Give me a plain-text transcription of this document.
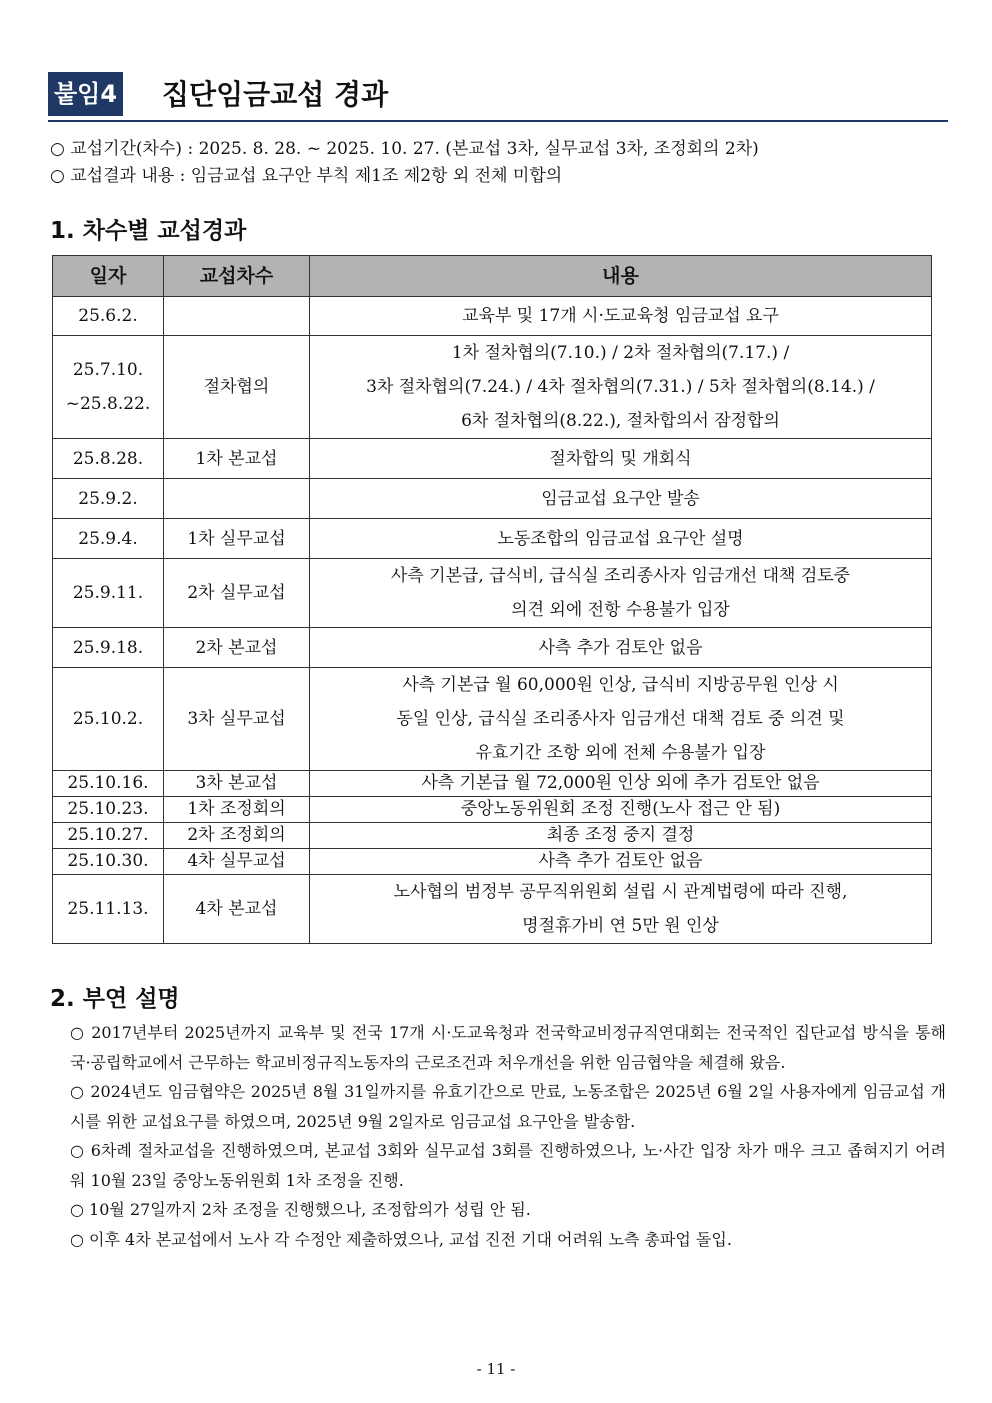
붙임4 집단임금교섭 경과
○ 교섭기간(차수) : 2025. 8. 28. ~ 2025. 10. 27. (본교섭 3차, 실무교섭 3차, 조정회의 2차)
○ 교섭결과 내용 : 임금교섭 요구안 부칙 제1조 제2항 외 전체 미합의
1. 차수별 교섭경과
일자	교섭차수	내용
25.6.2.		교육부 및 17개 시·도교육청 임금교섭 요구
25.7.10.
~25.8.22.	절차협의	1차 절차협의(7.10.) / 2차 절차협의(7.17.) /
3차 절차협의(7.24.) / 4차 절차협의(7.31.) / 5차 절차협의(8.14.) /
6차 절차협의(8.22.), 절차합의서 잠정합의
25.8.28.	1차 본교섭	절차합의 및 개회식
25.9.2.		임금교섭 요구안 발송
25.9.4.	1차 실무교섭	노동조합의 임금교섭 요구안 설명
25.9.11.	2차 실무교섭	사측 기본급, 급식비, 급식실 조리종사자 임금개선 대책 검토중
의견 외에 전항 수용불가 입장
25.9.18.	2차 본교섭	사측 추가 검토안 없음
25.10.2.	3차 실무교섭	사측 기본급 월 60,000원 인상, 급식비 지방공무원 인상 시
동일 인상, 급식실 조리종사자 임금개선 대책 검토 중 의견 및
유효기간 조항 외에 전체 수용불가 입장
25.10.16.	3차 본교섭	사측 기본급 월 72,000원 인상 외에 추가 검토안 없음
25.10.23.	1차 조정회의	중앙노동위원회 조정 진행(노사 접근 안 됨)
25.10.27.	2차 조정회의	최종 조정 중지 결정
25.10.30.	4차 실무교섭	사측 추가 검토안 없음
25.11.13.	4차 본교섭	노사협의 범정부 공무직위원회 설립 시 관계법령에 따라 진행,
명절휴가비 연 5만 원 인상
2. 부연 설명

○ 2017년부터 2025년까지 교육부 및 전국 17개 시·도교육청과 전국학교비정규직연대회는 전국적인 집단교섭 방식을 통해 국·공립학교에서 근무하는 학교비정규직노동자의 근로조건과 처우개선을 위한 임금협약을 체결해 왔음.

○ 2024년도 임금협약은 2025년 8월 31일까지를 유효기간으로 만료, 노동조합은 2025년 6월 2일 사용자에게 임금교섭 개시를 위한 교섭요구를 하였으며, 2025년 9월 2일자로 임금교섭 요구안을 발송함.

○ 6차례 절차교섭을 진행하였으며, 본교섭 3회와 실무교섭 3회를 진행하였으나, 노·사간 입장 차가 매우 크고 좁혀지기 어려워 10월 23일 중앙노동위원회 1차 조정을 진행.

○ 10월 27일까지 2차 조정을 진행했으나, 조정합의가 성립 안 됨.

○ 이후 4차 본교섭에서 노사 각 수정안 제출하였으나, 교섭 진전 기대 어려워 노측 총파업 돌입.

- 11 -
